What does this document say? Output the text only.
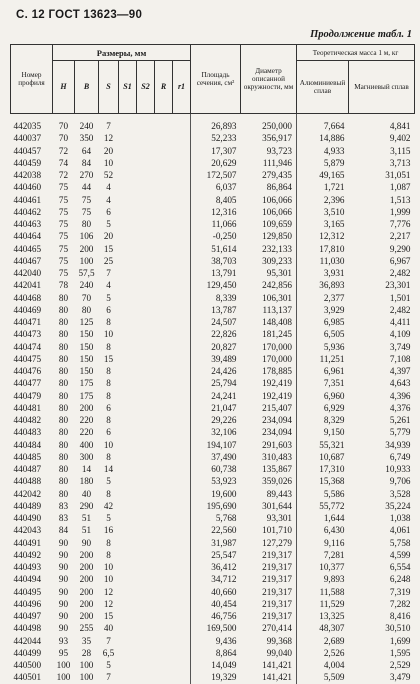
С. 12 ГОСТ 13623—90
Продолжение табл. 1
Номер профиля	Размеры, мм							Площадь сечения, см²	Диаметр описанной окружности, мм	Теоретическая масса 1 м, кг	
	H	B	S	S1	S2	R	r1			Алюминиевый сплав	Магниевый сплав
442035	70	240	7					26,893	250,000	7,664	4,841
440037	70	350	12					52,233	356,917	14,886	9,402
440457	72	64	20					17,307	93,723	4,933	3,115
440459	74	84	10					20,629	111,946	5,879	3,713
442038	72	270	52					172,507	279,435	49,165	31,051
440460	75	44	4					6,037	86,864	1,721	1,087
440461	75	75	4					8,405	106,066	2,396	1,513
440462	75	75	6					12,316	106,066	3,510	1,999
440463	75	80	5					11,066	109,659	3,165	7,776
440464	75	106	20					-0,250	129,850	12,312	2,217
440465	75	200	15					51,614	232,133	17,810	9,290
440467	75	100	25					38,703	309,233	11,030	6,967
442040	75	57,5	7					13,791	95,301	3,931	2,482
442041	78	240	4					129,450	242,856	36,893	23,301
440468	80	70	5					8,339	106,301	2,377	1,501
440469	80	80	6					13,787	113,137	3,929	2,482
440471	80	125	8					24,507	148,408	6,985	4,411
440473	80	150	10					22,826	181,245	6,505	4,109
440474	80	150	8					20,827	170,000	5,936	3,749
440475	80	150	15					39,489	170,000	11,251	7,108
440476	80	150	8					24,426	178,885	6,961	4,397
440477	80	175	8					25,794	192,419	7,351	4,643
440479	80	175	8					24,241	192,419	6,960	4,396
440481	80	200	6					21,047	215,407	6,929	4,376
440482	80	220	8					29,226	234,094	8,329	5,261
440483	80	220	6					32,106	234,094	9,150	5,779
440484	80	400	10					194,107	291,603	55,321	34,939
440485	80	300	8					37,490	310,483	10,687	6,749
440487	80	14	14					60,738	135,867	17,310	10,933
440488	80	180	5					53,923	359,026	15,368	9,706
442042	80	40	8					19,600	89,443	5,586	3,528
440489	83	290	42					195,690	301,644	55,772	35,224
440490	83	51	5					5,768	93,301	1,644	1,038
442043	84	51	16					22,560	101,710	6,430	4,061
440491	90	90	8					31,987	127,279	9,116	5,758
440492	90	200	8					25,547	219,317	7,281	4,599
440493	90	200	10					36,412	219,317	10,377	6,554
440494	90	200	10					34,712	219,317	9,893	6,248
440495	90	200	12					40,660	219,317	11,588	7,319
440496	90	200	12					40,454	219,317	11,529	7,282
440497	90	200	15					46,756	219,317	13,325	8,416
440498	90	255	40					169,500	270,414	48,307	30,510
442044	93	35	7					9,436	99,368	2,689	1,699
440499	95	28	6,5					8,864	99,040	2,526	1,595
440500	100	100	5					14,049	141,421	4,004	2,529
440501	100	100	7					19,329	141,421	5,509	3,479
